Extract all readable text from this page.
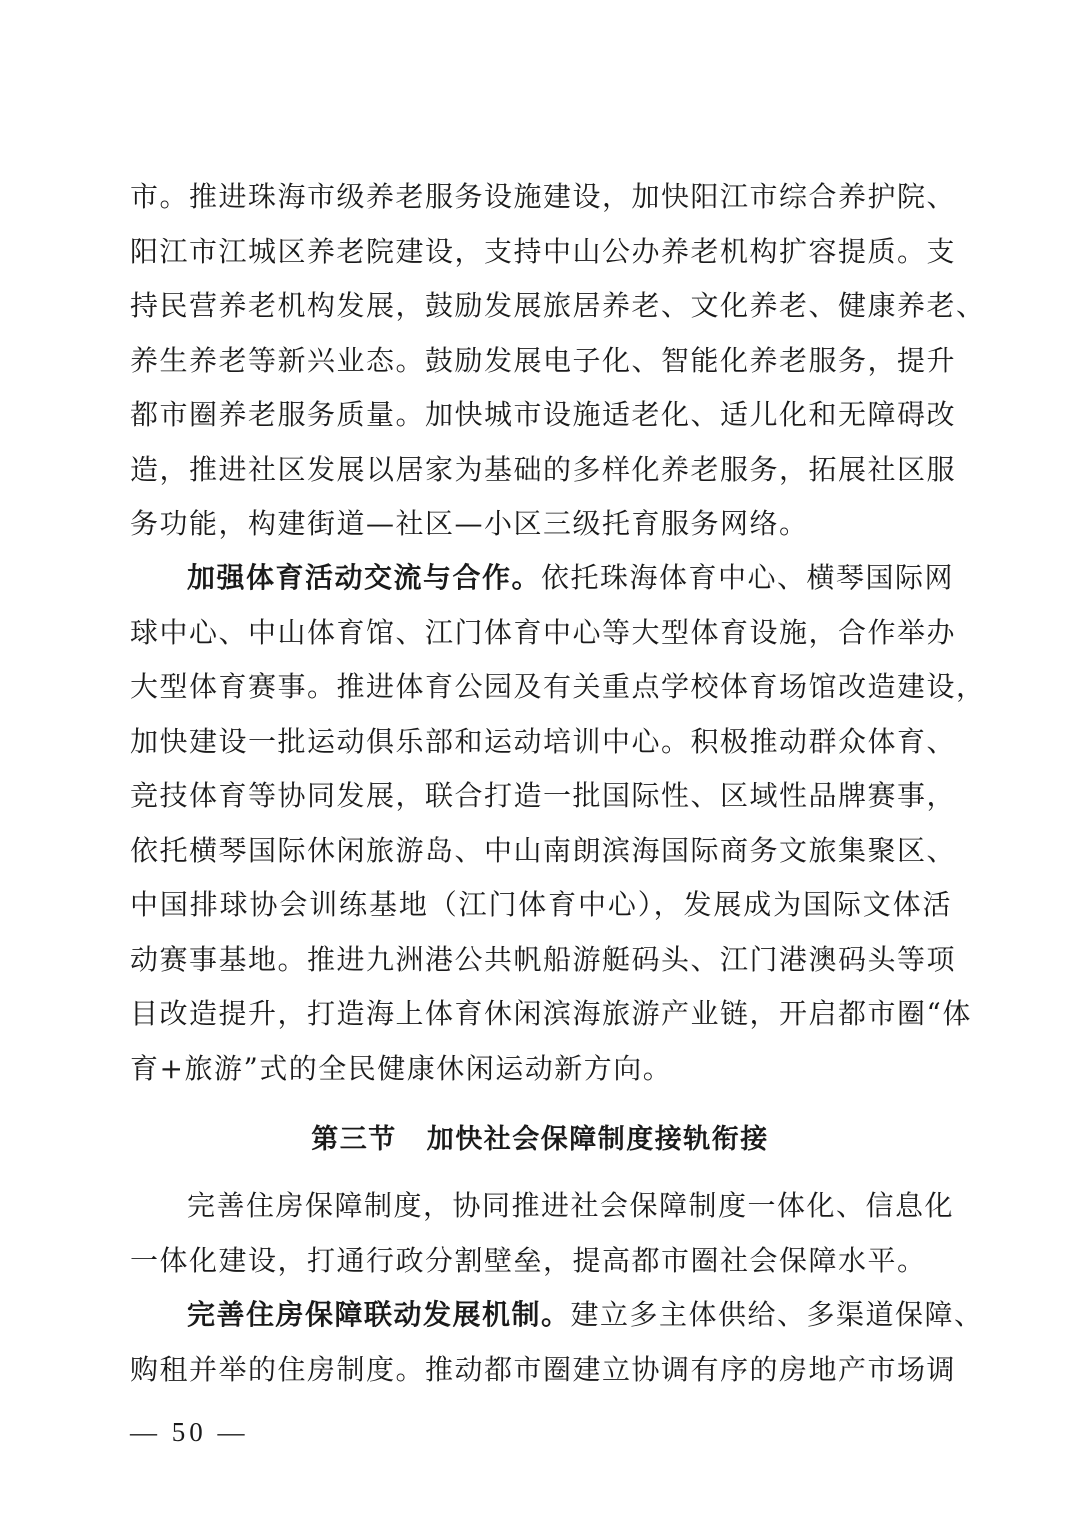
市。推进珠海市级养老服务设施建设，加快阳江市综合养护院、
阳江市江城区养老院建设，支持中山公办养老机构扩容提质。支
持民营养老机构发展，鼓励发展旅居养老、文化养老、健康养老、
养生养老等新兴业态。鼓励发展电子化、智能化养老服务，提升
都市圈养老服务质量。加快城市设施适老化、适儿化和无障碍改
造，推进社区发展以居家为基础的多样化养老服务，拓展社区服
务功能，构建街道—社区—小区三级托育服务网络。
加强体育活动交流与合作。依托珠海体育中心、横琴国际网
球中心、中山体育馆、江门体育中心等大型体育设施，合作举办
大型体育赛事。推进体育公园及有关重点学校体育场馆改造建设，
加快建设一批运动俱乐部和运动培训中心。积极推动群众体育、
竞技体育等协同发展，联合打造一批国际性、区域性品牌赛事，
依托横琴国际休闲旅游岛、中山南朗滨海国际商务文旅集聚区、
中国排球协会训练基地（江门体育中心），发展成为国际文体活
动赛事基地。推进九洲港公共帆船游艇码头、江门港澳码头等项
目改造提升，打造海上体育休闲滨海旅游产业链，开启都市圈“体
育+旅游”式的全民健康休闲运动新方向。
第三节 加快社会保障制度接轨衔接
完善住房保障制度，协同推进社会保障制度一体化、信息化
一体化建设，打通行政分割壁垒，提高都市圈社会保障水平。
完善住房保障联动发展机制。建立多主体供给、多渠道保障、
购租并举的住房制度。推动都市圈建立协调有序的房地产市场调
— 50 —
